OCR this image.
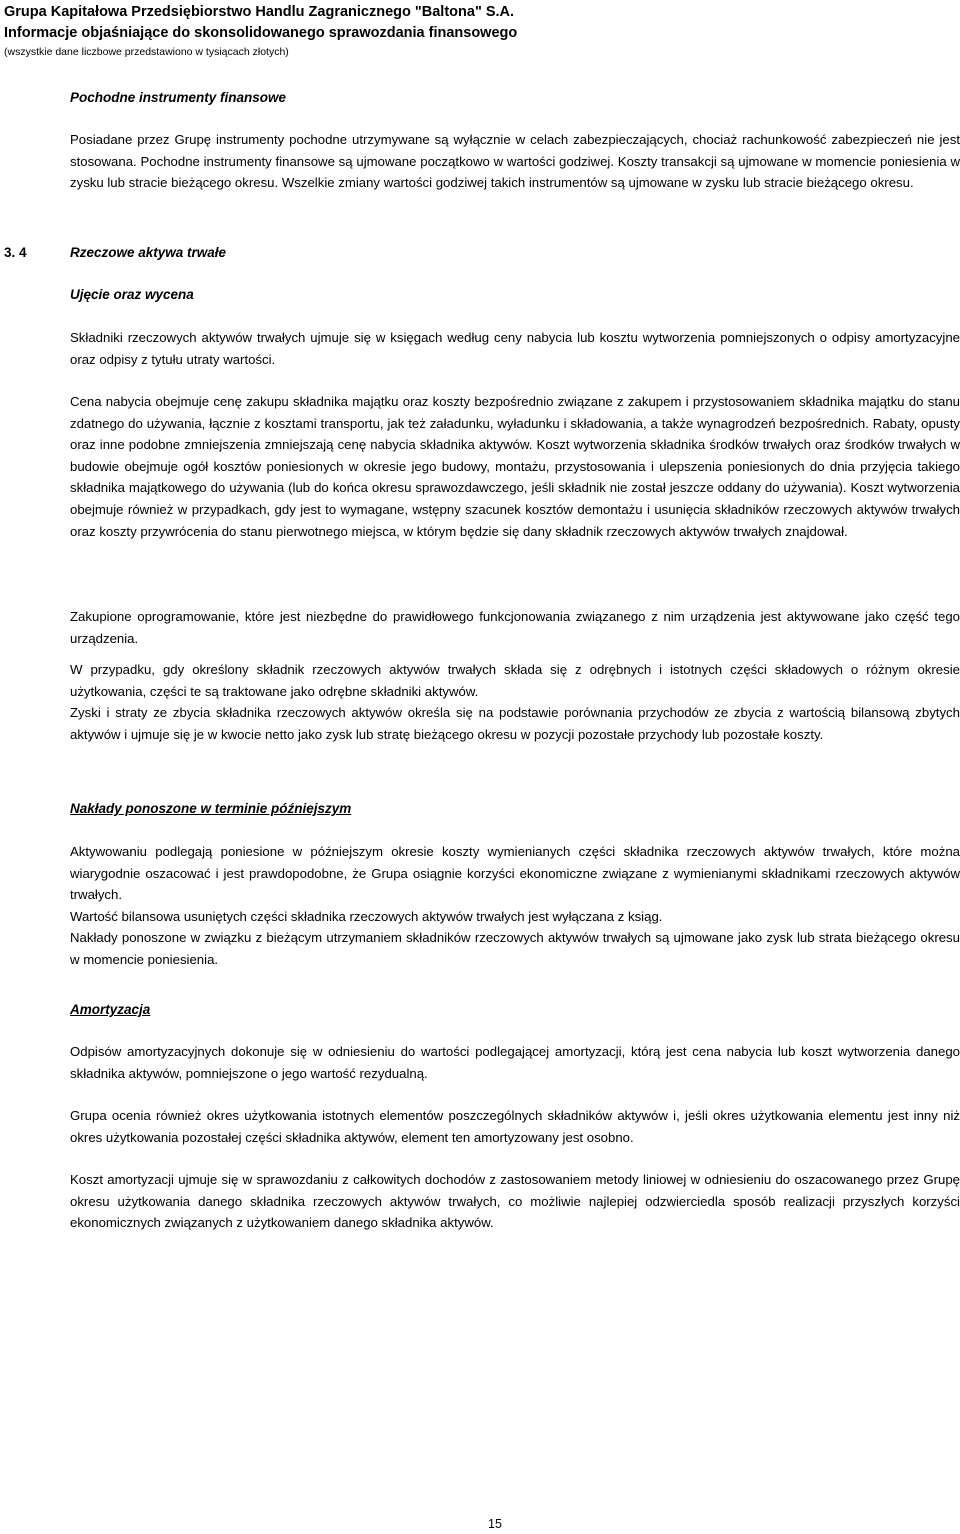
Grupa Kapitałowa Przedsiębiorstwo Handlu Zagranicznego "Baltona" S.A.
Informacje objaśniające do skonsolidowanego sprawozdania finansowego
(wszystkie dane liczbowe przedstawiono w tysiącach złotych)
Pochodne instrumenty finansowe

Posiadane przez Grupę instrumenty pochodne utrzymywane są wyłącznie w celach zabezpieczających, chociaż rachunkowość zabezpieczeń nie jest stosowana. Pochodne instrumenty finansowe są ujmowane początkowo w wartości godziwej. Koszty transakcji są ujmowane w momencie poniesienia w zysku lub stracie bieżącego okresu. Wszelkie zmiany wartości godziwej takich instrumentów są ujmowane w zysku lub stracie bieżącego okresu.

3. 4	Rzeczowe aktywa trwałe
Ujęcie oraz wycena

Składniki rzeczowych aktywów trwałych ujmuje się w księgach według ceny nabycia lub kosztu wytworzenia pomniejszonych o odpisy amortyzacyjne oraz odpisy z tytułu utraty wartości.

Cena nabycia obejmuje cenę zakupu składnika majątku oraz koszty bezpośrednio związane z zakupem i przystosowaniem składnika majątku do stanu zdatnego do używania, łącznie z kosztami transportu, jak też załadunku, wyładunku i składowania, a także wynagrodzeń bezpośrednich. Rabaty, opusty oraz inne podobne zmniejszenia zmniejszają cenę nabycia składnika aktywów. Koszt wytworzenia składnika środków trwałych oraz środków trwałych w budowie obejmuje ogół kosztów poniesionych w okresie jego budowy, montażu, przystosowania i ulepszenia poniesionych do dnia przyjęcia takiego składnika majątkowego do używania (lub do końca okresu sprawozdawczego, jeśli składnik nie został jeszcze oddany do używania). Koszt wytworzenia obejmuje również w przypadkach, gdy jest to wymagane, wstępny szacunek kosztów demontażu i usunięcia składników rzeczowych aktywów trwałych oraz koszty przywrócenia do stanu pierwotnego miejsca, w którym będzie się dany składnik rzeczowych aktywów trwałych znajdował.

Zakupione oprogramowanie, które jest niezbędne do prawidłowego funkcjonowania związanego z nim urządzenia jest aktywowane jako część tego urządzenia.

W przypadku, gdy określony składnik rzeczowych aktywów trwałych składa się z odrębnych i istotnych części składowych o różnym okresie użytkowania, części te są traktowane jako odrębne składniki aktywów.

Zyski i straty ze zbycia składnika rzeczowych aktywów określa się na podstawie porównania przychodów ze zbycia z wartością bilansową zbytych aktywów i ujmuje się je w kwocie netto jako zysk lub stratę bieżącego okresu w pozycji pozostałe przychody lub pozostałe koszty.

Nakłady ponoszone w terminie późniejszym

Aktywowaniu podlegają poniesione w późniejszym okresie koszty wymienianych części składnika rzeczowych aktywów trwałych, które można wiarygodnie oszacować i jest prawdopodobne, że Grupa osiągnie korzyści ekonomiczne związane z wymienianymi składnikami rzeczowych aktywów trwałych.

Wartość bilansowa usuniętych części składnika rzeczowych aktywów trwałych jest wyłączana z ksiąg.

Nakłady ponoszone w związku z bieżącym utrzymaniem składników rzeczowych aktywów trwałych są ujmowane jako zysk lub strata bieżącego okresu w momencie poniesienia.

Amortyzacja

Odpisów amortyzacyjnych dokonuje się w odniesieniu do wartości podlegającej amortyzacji, którą jest cena nabycia lub koszt wytworzenia danego składnika aktywów, pomniejszone o jego wartość rezydualną.

Grupa ocenia również okres użytkowania istotnych elementów poszczególnych składników aktywów i, jeśli okres użytkowania elementu jest inny niż okres użytkowania pozostałej części składnika aktywów, element ten amortyzowany jest osobno.

Koszt amortyzacji ujmuje się w sprawozdaniu z całkowitych dochodów z zastosowaniem metody liniowej w odniesieniu do oszacowanego przez Grupę okresu użytkowania danego składnika rzeczowych aktywów trwałych, co możliwie najlepiej odzwierciedla sposób realizacji przyszłych korzyści ekonomicznych związanych z użytkowaniem danego składnika aktywów.

15
